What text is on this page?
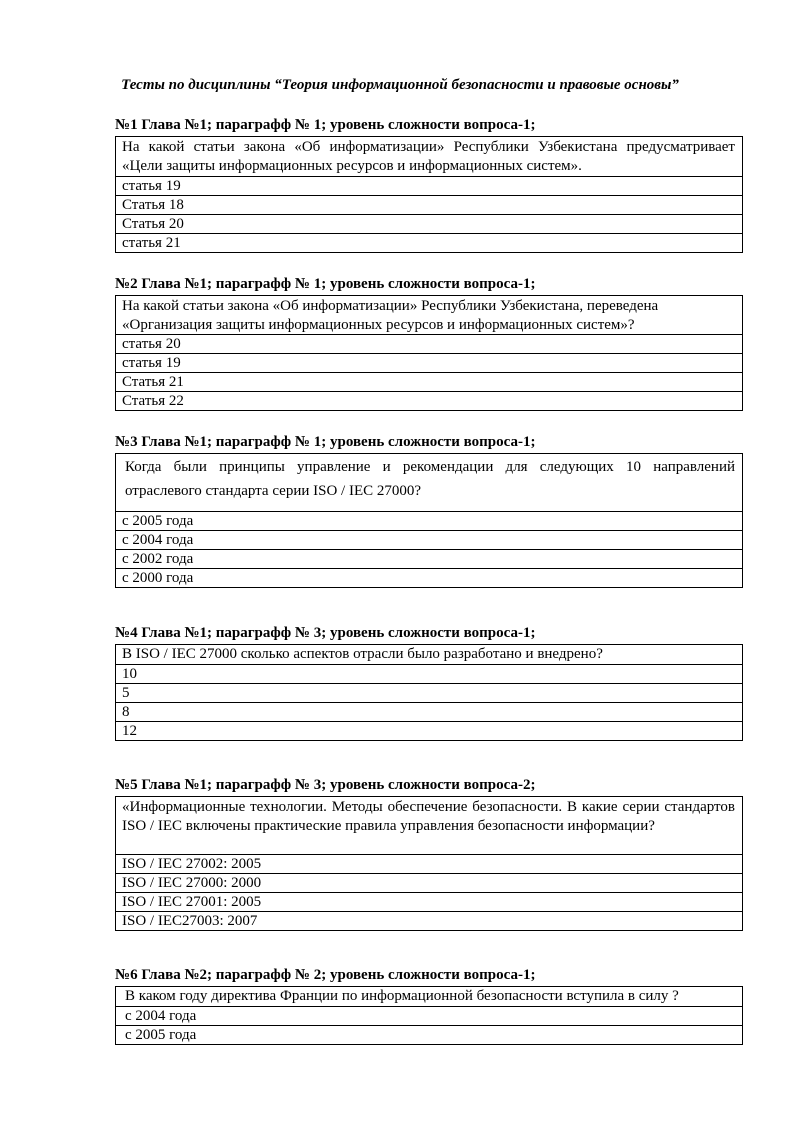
Тесты по дисциплины “Теория информационной безопасности и правовые основы”
№1 Глава №1; параграфф № 1; уровень сложности вопроса-1;
На какой статьи закона «Об информатизации» Республики Узбекистана предусматривает «Цели защиты информационных ресурсов и информационных систем».
статья 19
Статья 18
Статья 20
статья 21
№2 Глава №1; параграфф № 1; уровень сложности вопроса-1;
На какой статьи закона «Об информатизации» Республики Узбекистана, переведена «Организация защиты информационных ресурсов и информационных систем»?
статья 20
статья 19
Статья 21
Статья 22
№3 Глава №1; параграфф № 1; уровень сложности вопроса-1;
Когда были принципы управление и рекомендации для следующих 10 направлений отраслевого стандарта серии ISO / IEC 27000?
с 2005 года
с 2004 года
с 2002 года
с 2000 года
№4 Глава №1; параграфф № 3; уровень сложности вопроса-1;
В ISO / IEC 27000 сколько аспектов отрасли было разработано и внедрено?
10
5
8
12
№5 Глава №1; параграфф № 3; уровень сложности вопроса-2;
«Информационные технологии. Методы обеспечение безопасности. В какие серии стандартов ISO / IEC включены практические правила управления безопасности информации?
ISO / IEC 27002: 2005
ISO / IEC 27000: 2000
ISO / IEC 27001: 2005
ISO / IEC27003: 2007
№6 Глава №2; параграфф № 2; уровень сложности вопроса-1;
В каком году директива Франции по информационной безопасности вступила в силу ?
с 2004 года
с 2005 года
